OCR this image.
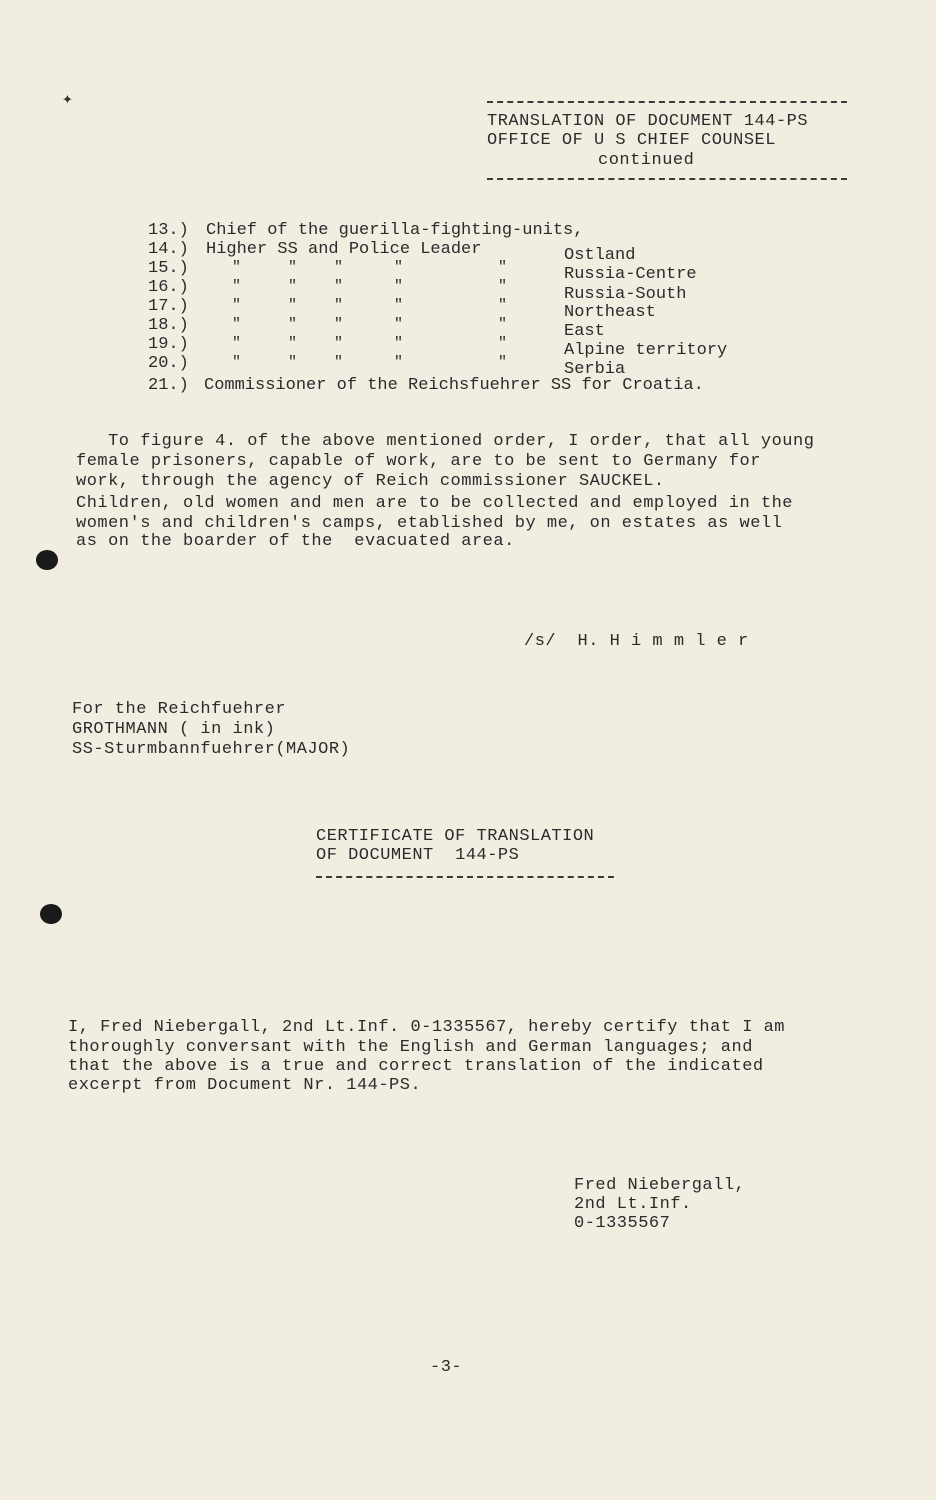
✦
TRANSLATION OF DOCUMENT 144-PS
OFFICE OF U S CHIEF COUNSEL
continued
13.) Chief of the guerilla-fighting-units,
14.) Higher SS and Police Leader	Ostland
15.)	"	" "	"	"	Russia-Centre
16.)	"	" "	"	"	Russia-South
17.)	"	" "	"	"	Northeast
18.)	"	" "	"	"	East
19.)	"	" "	"	"	Alpine territory
20.)	"	" "	"	"	Serbia
21.) Commissioner of the Reichsfuehrer SS for Croatia.
To figure 4. of the above mentioned order, I order, that all young
female prisoners, capable of work, are to be sent to Germany for
work, through the agency of Reich commissioner SAUCKEL.
Children, old women and men are to be collected and employed in the
women's and children's camps, etablished by me, on estates as well
as on the boarder of the  evacuated area.
/s/  H. H i m m l e r
For the Reichfuehrer
GROTHMANN ( in ink)
SS-Sturmbannfuehrer(MAJOR)
CERTIFICATE OF TRANSLATION
OF DOCUMENT  144-PS
I, Fred Niebergall, 2nd Lt.Inf. 0-1335567, hereby certify that I am
thoroughly conversant with the English and German languages; and
that the above is a true and correct translation of the indicated
excerpt from Document Nr. 144-PS.
Fred Niebergall,
2nd Lt.Inf.
0-1335567
-3-
